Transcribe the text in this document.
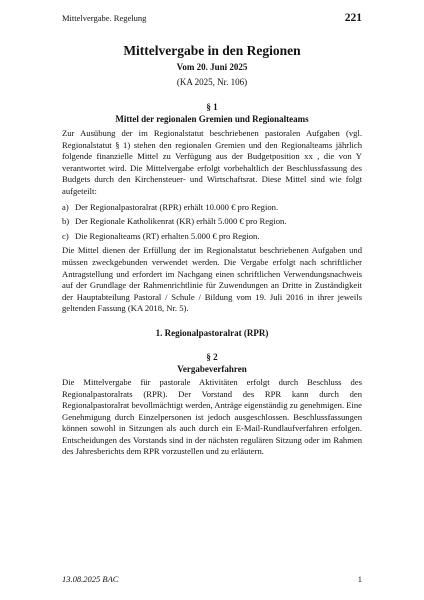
Mittelvergabe. Regelung	221

Mittelvergabe in den Regionen

Vom 20. Juni 2025

(KA 2025, Nr. 106)

§ 1

Mittel der regionalen Gremien und Regionalteams

Zur Ausübung der im Regionalstatut beschriebenen pastoralen Aufgaben (vgl. Regionalstatut § 1) stehen den regionalen Gremien und den Regionalteams jährlich folgende finanzielle Mittel zu Verfügung aus der Budgetposition xx , die von Y verantwortet wird. Die Mittelvergabe erfolgt vorbehaltlich der Beschlussfassung des Budgets durch den Kirchensteuer- und Wirtschaftsrat. Diese Mittel sind wie folgt aufgeteilt:

a) Der Regionalpastoralrat (RPR) erhält 10.000 € pro Region.
b) Der Regionale Katholikenrat (KR) erhält 5.000 € pro Region.
c) Die Regionalteams (RT) erhalten 5.000 € pro Region.

Die Mittel dienen der Erfüllung der im Regionalstatut beschriebenen Aufgaben und müssen zweckgebunden verwendet werden. Die Vergabe erfolgt nach schriftlicher Antragstellung und erfordert im Nachgang einen schriftlichen Verwendungsnachweis auf der Grundlage der Rahmenrichtlinie für Zuwendungen an Dritte in Zuständigkeit der Hauptabteilung Pastoral / Schule / Bildung vom 19. Juli 2016 in ihrer jeweils geltenden Fassung (KA 2018, Nr. 5).

1. Regionalpastoralrat (RPR)

§ 2

Vergabeverfahren

Die Mittelvergabe für pastorale Aktivitäten erfolgt durch Beschluss des Regionalpastoralrats (RPR). Der Vorstand des RPR kann durch den Regionalpastoralrat bevollmächtigt werden, Anträge eigenständig zu genehmigen. Eine Genehmigung durch Einzelpersonen ist jedoch ausgeschlossen. Beschlussfassungen können sowohl in Sitzungen als auch durch ein E-Mail-Rundlaufverfahren erfolgen. Entscheidungen des Vorstands sind in der nächsten regulären Sitzung oder im Rahmen des Jahresberichts dem RPR vorzustellen und zu erläutern.

13.08.2025 BAC	1
